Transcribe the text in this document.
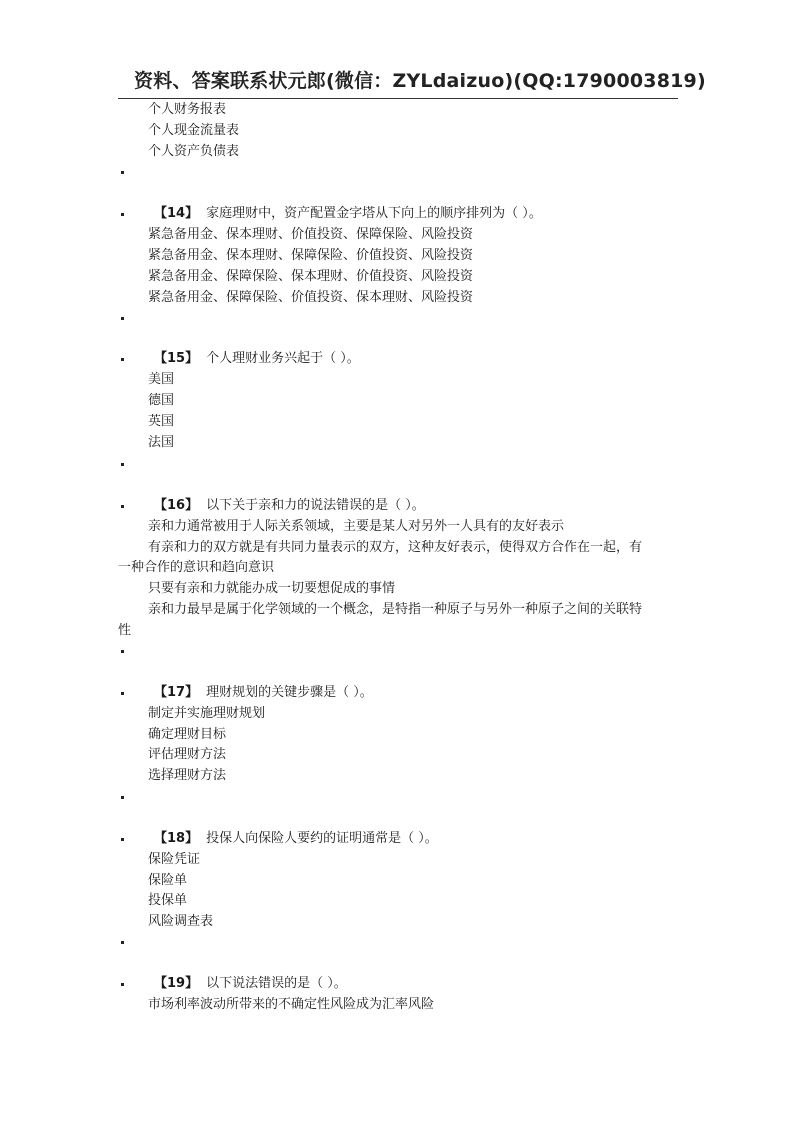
资料、答案联系状元郎(微信：ZYLdaizuo)(QQ:1790003819)
个人财务报表
个人现金流量表
个人资产负债表
【14】 家庭理财中，资产配置金字塔从下向上的顺序排列为（ ）。
紧急备用金、保本理财、价值投资、保障保险、风险投资
紧急备用金、保本理财、保障保险、价值投资、风险投资
紧急备用金、保障保险、保本理财、价值投资、风险投资
紧急备用金、保障保险、价值投资、保本理财、风险投资
【15】 个人理财业务兴起于（ ）。
美国
德国
英国
法国
【16】 以下关于亲和力的说法错误的是（ ）。
亲和力通常被用于人际关系领域，主要是某人对另外一人具有的友好表示
有亲和力的双方就是有共同力量表示的双方，这种友好表示，使得双方合作在一起，有
一种合作的意识和趋向意识
只要有亲和力就能办成一切要想促成的事情
亲和力最早是属于化学领域的一个概念，是特指一种原子与另外一种原子之间的关联特
性
【17】 理财规划的关键步骤是（ ）。
制定并实施理财规划
确定理财目标
评估理财方法
选择理财方法
【18】 投保人向保险人要约的证明通常是（ ）。
保险凭证
保险单
投保单
风险调查表
【19】 以下说法错误的是（ ）。
市场利率波动所带来的不确定性风险成为汇率风险
